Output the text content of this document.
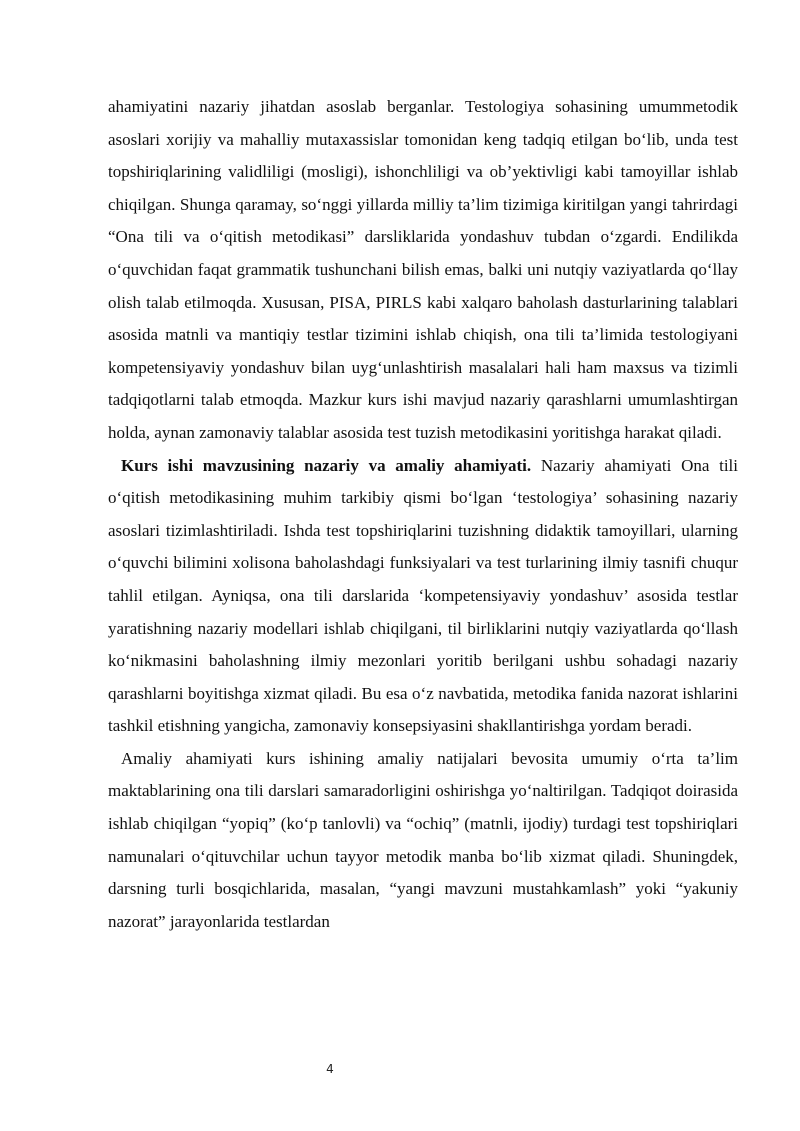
ahamiyatini nazariy jihatdan asoslab berganlar. Testologiya sohasining umummetodik asoslari xorijiy va mahalliy mutaxassislar tomonidan keng tadqiq etilgan bo‘lib, unda test topshiriqlarining validliligi (mosligi), ishonchliligi va ob’yektivligi kabi tamoyillar ishlab chiqilgan. Shunga qaramay, so‘nggi yillarda milliy ta’lim tizimiga kiritilgan yangi tahrirdagi “Ona tili va o‘qitish metodikasi” darsliklarida yondashuv tubdan o‘zgardi. Endilikda o‘quvchidan faqat grammatik tushunchani bilish emas, balki uni nutqiy vaziyatlarda qo‘llay olish talab etilmoqda. Xususan, PISA, PIRLS kabi xalqaro baholash dasturlarining talablari asosida matnli va mantiqiy testlar tizimini ishlab chiqish, ona tili ta’limida testologiyani kompetensiyaviy yondashuv bilan uyg‘unlashtirish masalalari hali ham maxsus va tizimli tadqiqotlarni talab etmoqda. Mazkur kurs ishi mavjud nazariy qarashlarni umumlashtirgan holda, aynan zamonaviy talablar asosida test tuzish metodikasini yoritishga harakat qiladi.

Kurs ishi mavzusining nazariy va amaliy ahamiyati. Nazariy ahamiyati Ona tili o‘qitish metodikasining muhim tarkibiy qismi bo‘lgan ‘testologiya’ sohasining nazariy asoslari tizimlashtiriladi. Ishda test topshiriqlarini tuzishning didaktik tamoyillari, ularning o‘quvchi bilimini xolisona baholashdagi funksiyalari va test turlarining ilmiy tasnifi chuqur tahlil etilgan. Ayniqsa, ona tili darslarida ‘kompetensiyaviy yondashuv’ asosida testlar yaratishning nazariy modellari ishlab chiqilgani, til birliklarini nutqiy vaziyatlarda qo‘llash ko‘nikmasini baholashning ilmiy mezonlari yoritib berilgani ushbu sohadagi nazariy qarashlarni boyitishga xizmat qiladi. Bu esa o‘z navbatida, metodika fanida nazorat ishlarini tashkil etishning yangicha, zamonaviy konsepsiyasini shakllantirishga yordam beradi.

Amaliy ahamiyati kurs ishining amaliy natijalari bevosita umumiy o‘rta ta’lim maktablarining ona tili darslari samaradorligini oshirishga yo‘naltirilgan. Tadqiqot doirasida ishlab chiqilgan “yopiq” (ko‘p tanlovli) va “ochiq” (matnli, ijodiy) turdagi test topshiriqlari namunalari o‘qituvchilar uchun tayyor metodik manba bo‘lib xizmat qiladi. Shuningdek, darsning turli bosqichlarida, masalan, “yangi mavzuni mustahkamlash” yoki “yakuniy nazorat” jarayonlarida testlardan

4
